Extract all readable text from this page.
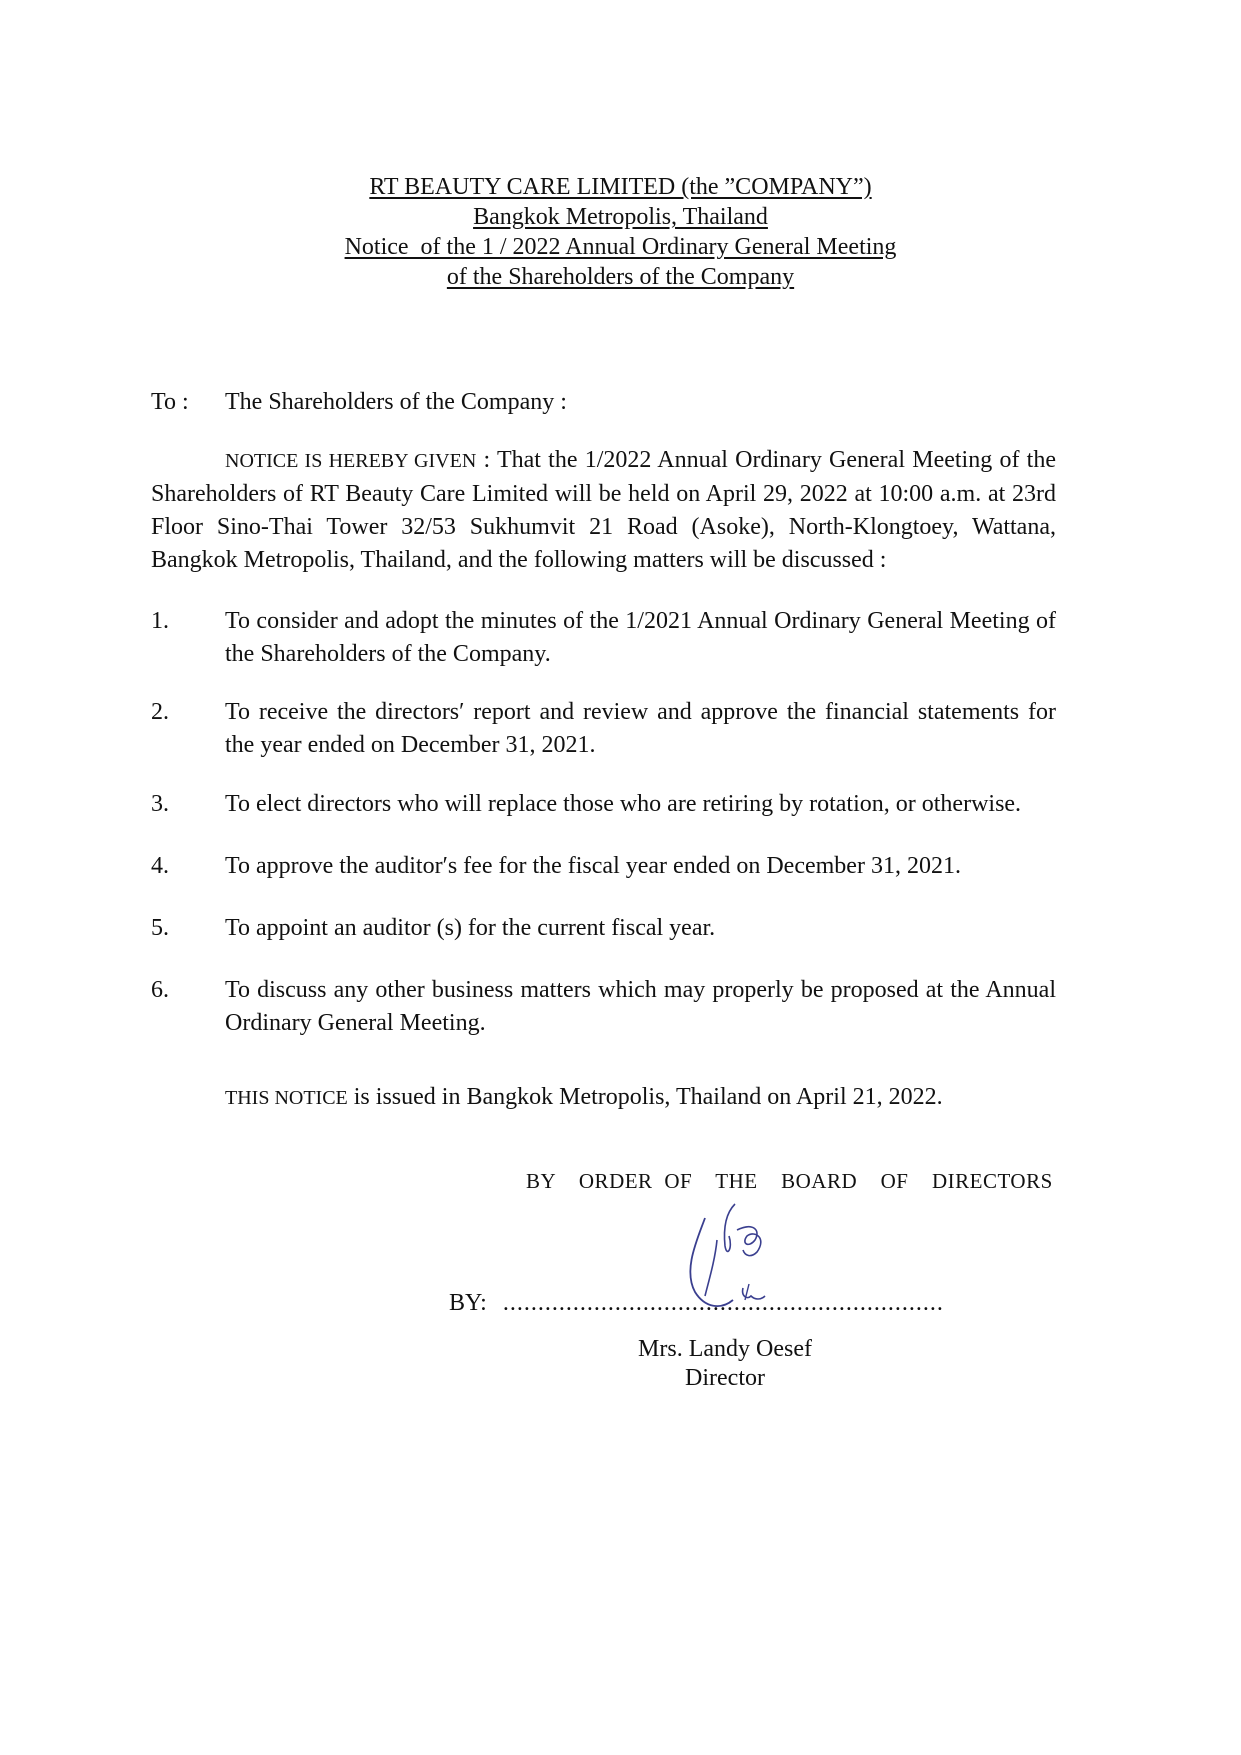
RT BEAUTY CARE LIMITED (the ”COMPANY”)
Bangkok Metropolis, Thailand
Notice  of the 1 / 2022 Annual Ordinary General Meeting
of the Shareholders of the Company
To : The Shareholders of the Company :
NOTICE IS HEREBY GIVEN : That the 1/2022 Annual Ordinary General Meeting of the Shareholders of RT Beauty Care Limited will be held on April 29, 2022 at 10:00 a.m. at 23rd Floor Sino-Thai Tower 32/53 Sukhumvit 21 Road (Asoke), North-Klongtoey, Wattana, Bangkok Metropolis, Thailand, and the following matters will be discussed :
1.	To consider and adopt the minutes of the 1/2021 Annual Ordinary General Meeting of the Shareholders of the Company.
2.	To receive the directors′ report and review and approve the financial statements for the year ended on December 31, 2021.
3.	To elect directors who will replace those who are retiring by rotation, or otherwise.
4.	To approve the auditor′s fee for the fiscal year ended on December 31, 2021.
5.	To appoint an auditor (s) for the current fiscal year.
6.	To discuss any other business matters which may properly be proposed at the Annual Ordinary General Meeting.
THIS NOTICE is issued in Bangkok Metropolis, Thailand on April 21, 2022.
BY  ORDER OF  THE  BOARD  OF  DIRECTORS
BY: ...............................................................
Mrs. Landy Oesef
Director
